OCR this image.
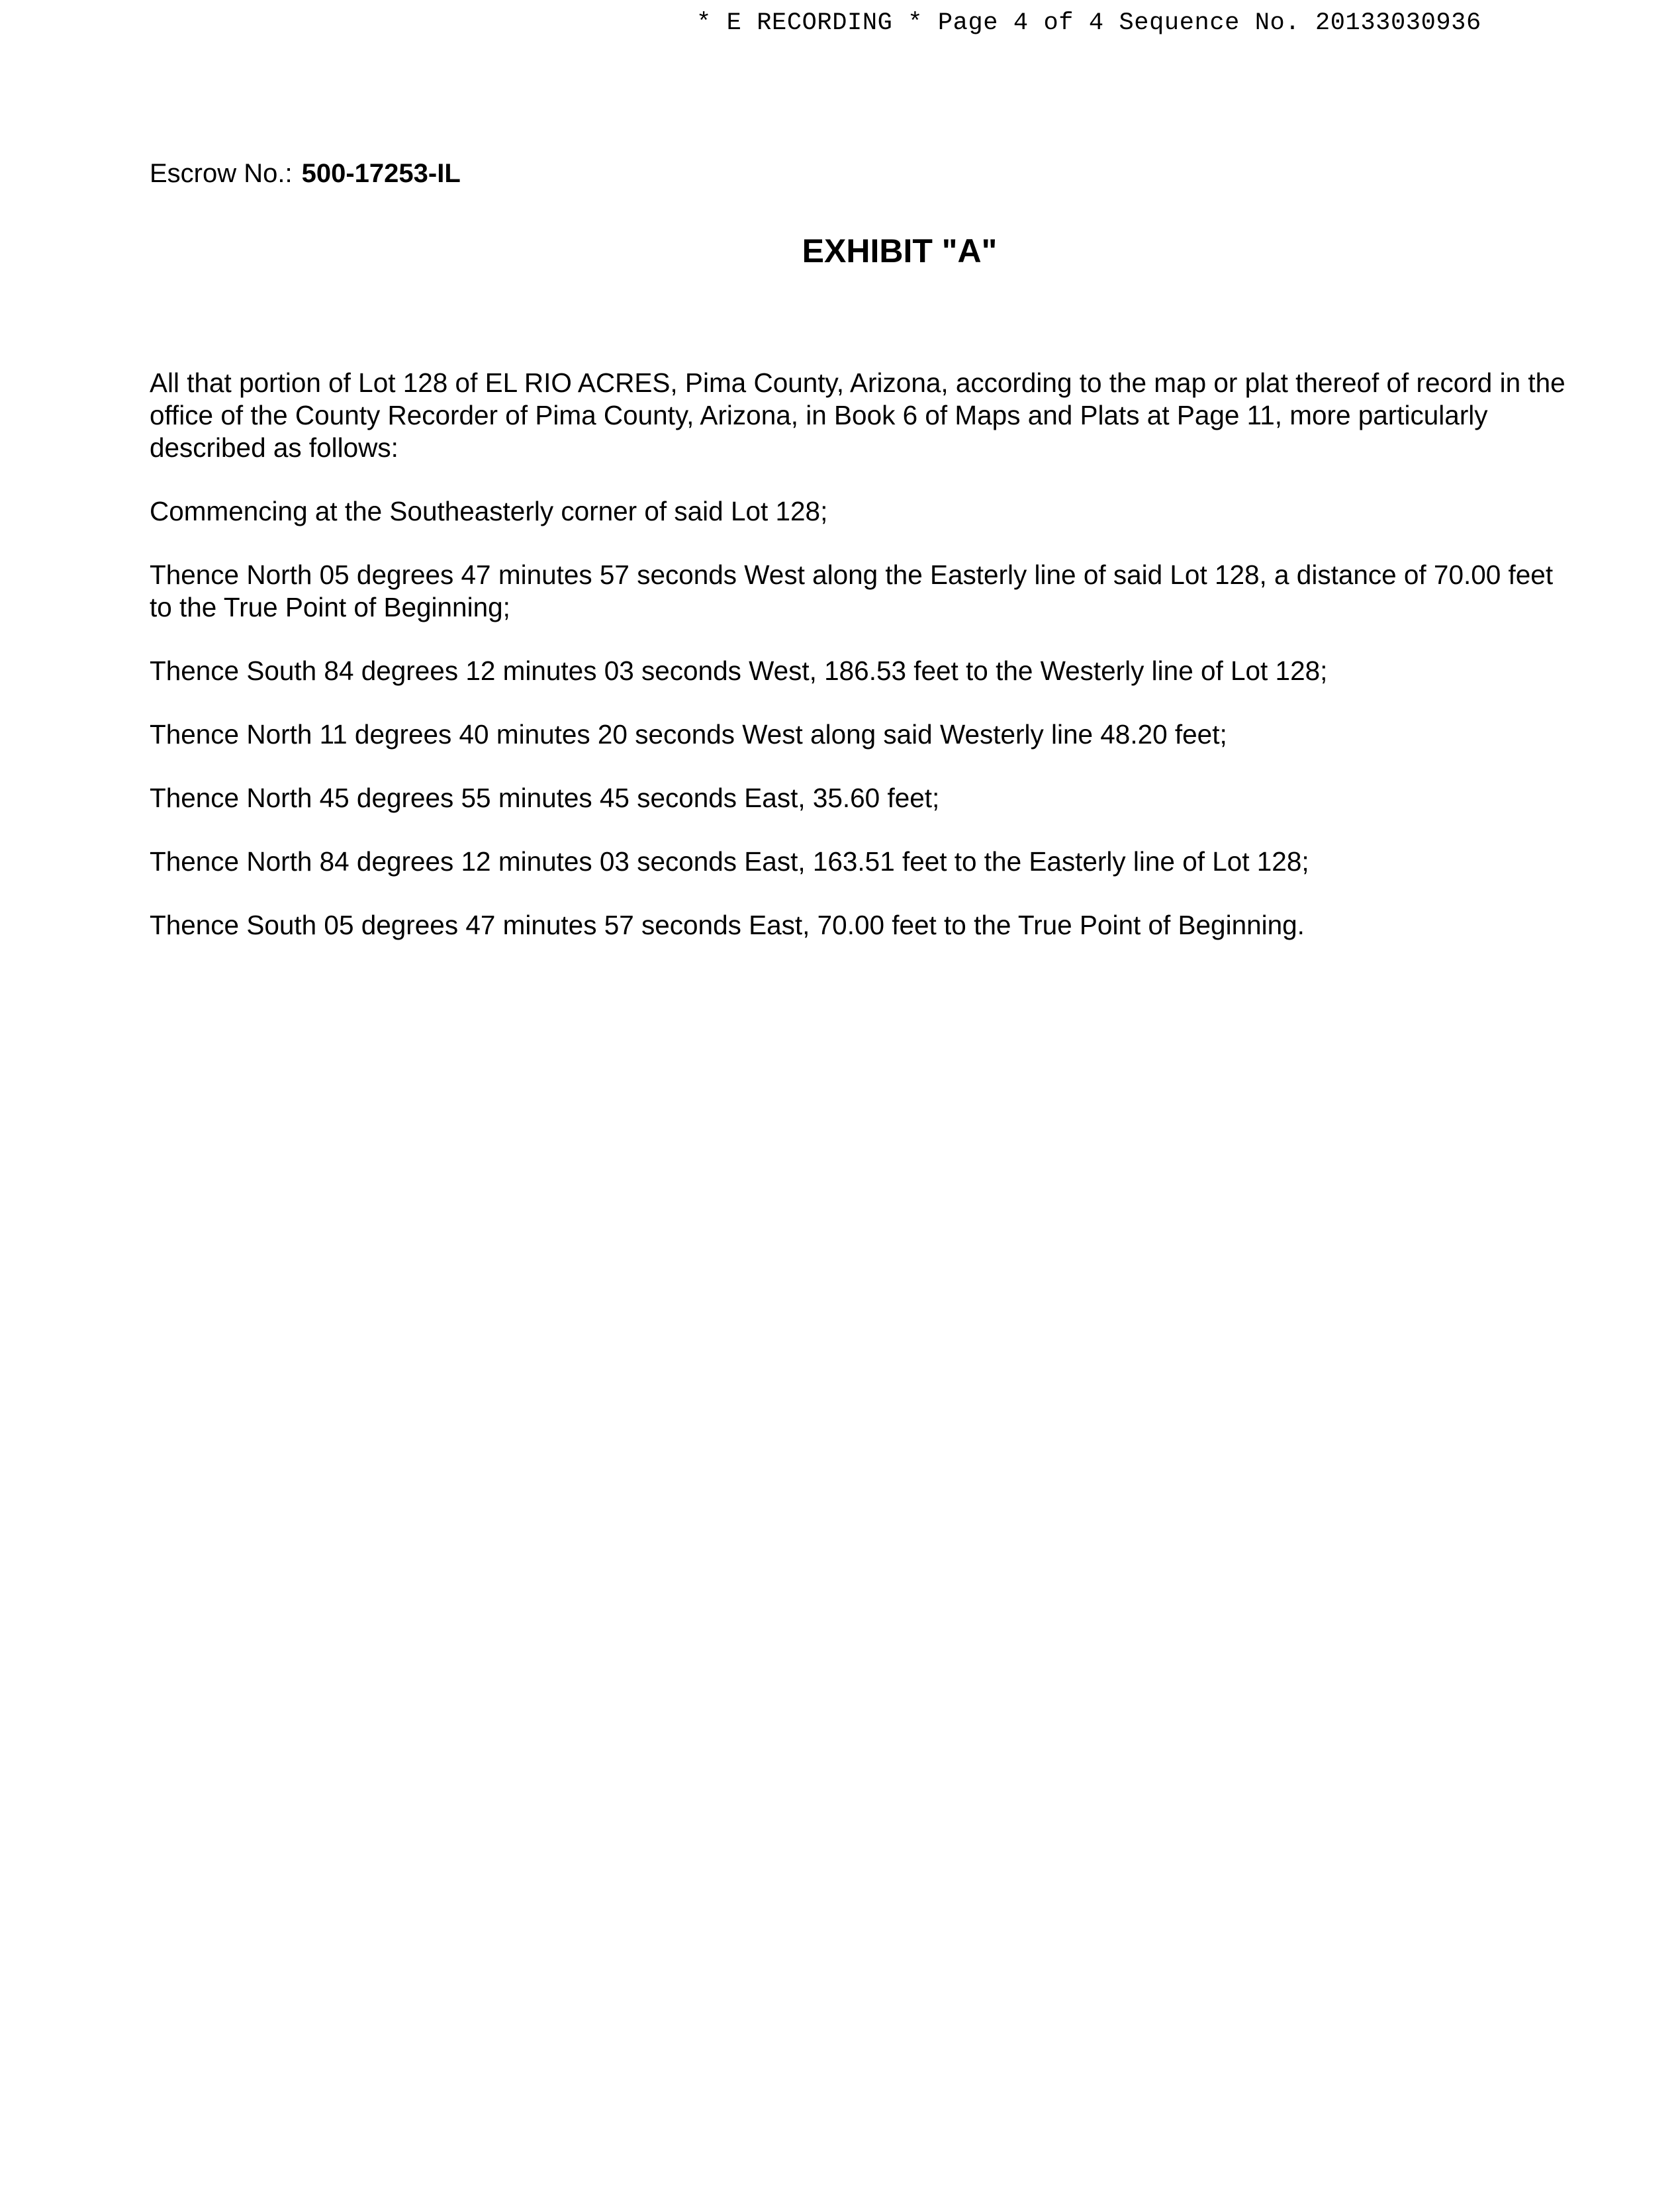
* E RECORDING * Page 4 of 4 Sequence No. 20133030936
Escrow No.: 500-17253-IL
EXHIBIT "A"

All that portion of Lot 128 of EL RIO ACRES, Pima County, Arizona, according to the map or plat thereof of record in the office of the County Recorder of Pima County, Arizona, in Book 6 of Maps and Plats at Page 11, more particularly described as follows:

Commencing at the Southeasterly corner of said Lot 128;

Thence North 05 degrees 47 minutes 57 seconds West along the Easterly line of said Lot 128, a distance of 70.00 feet to the True Point of Beginning;

Thence South 84 degrees 12 minutes 03 seconds West, 186.53 feet to the Westerly line of Lot 128;

Thence North 11 degrees 40 minutes 20 seconds West along said Westerly line 48.20 feet;

Thence North 45 degrees 55 minutes 45 seconds East, 35.60 feet;

Thence North 84 degrees 12 minutes 03 seconds East, 163.51 feet to the Easterly line of Lot 128;

Thence South 05 degrees 47 minutes 57 seconds East, 70.00 feet to the True Point of Beginning.
